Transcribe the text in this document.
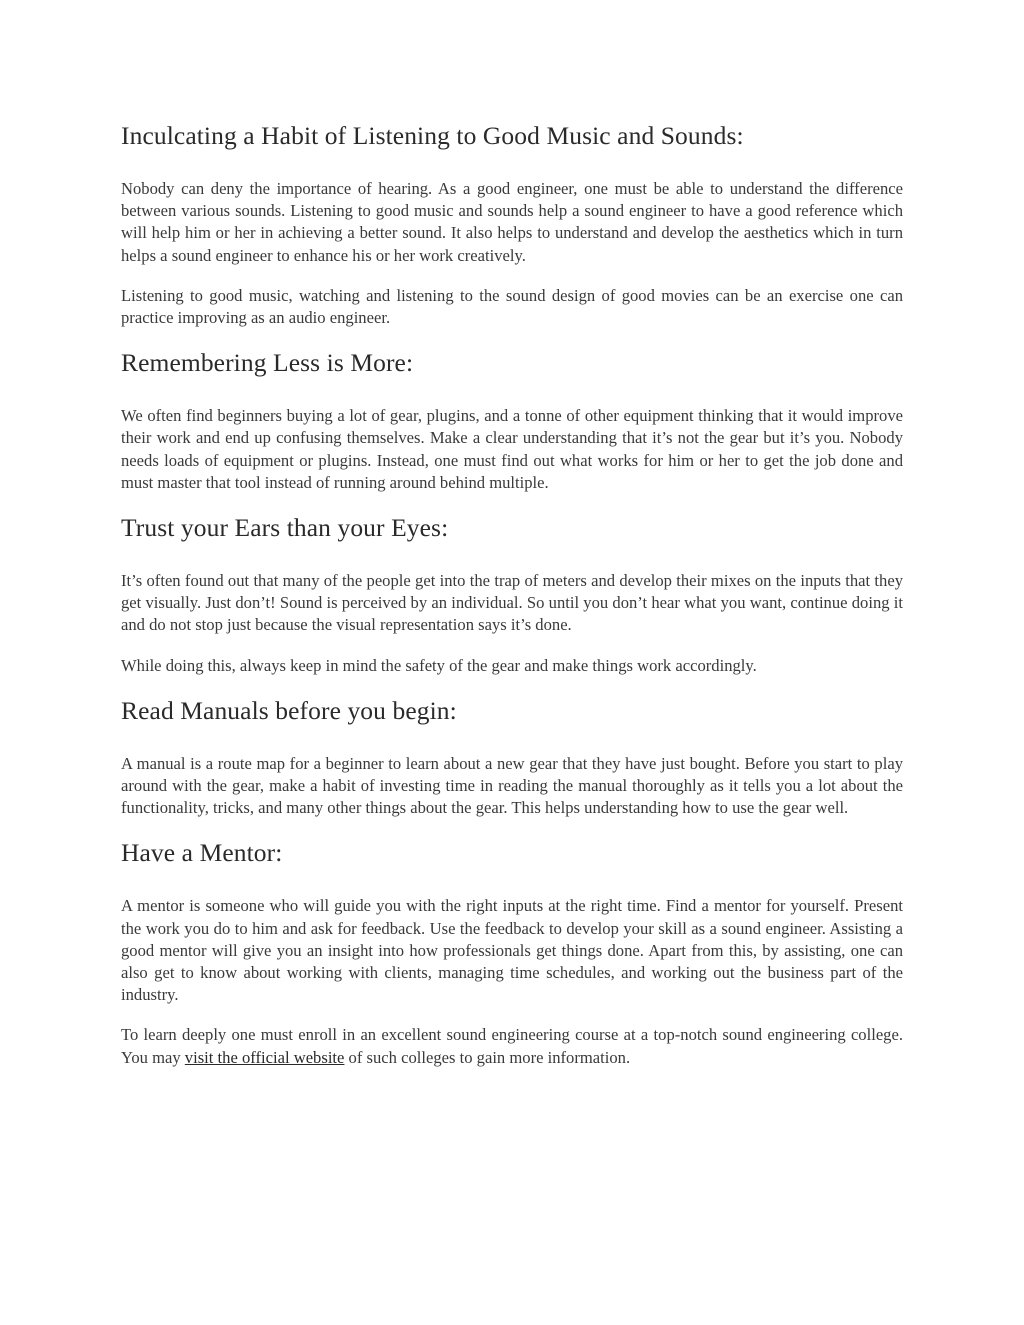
Inculcating a Habit of Listening to Good Music and Sounds:

Nobody can deny the importance of hearing. As a good engineer, one must be able to understand the difference between various sounds. Listening to good music and sounds help a sound engineer to have a good reference which will help him or her in achieving a better sound. It also helps to understand and develop the aesthetics which in turn helps a sound engineer to enhance his or her work creatively.

Listening to good music, watching and listening to the sound design of good movies can be an exercise one can practice improving as an audio engineer.

Remembering Less is More:

We often find beginners buying a lot of gear, plugins, and a tonne of other equipment thinking that it would improve their work and end up confusing themselves. Make a clear understanding that it’s not the gear but it’s you. Nobody needs loads of equipment or plugins. Instead, one must find out what works for him or her to get the job done and must master that tool instead of running around behind multiple.

Trust your Ears than your Eyes:

It’s often found out that many of the people get into the trap of meters and develop their mixes on the inputs that they get visually. Just don’t! Sound is perceived by an individual. So until you don’t hear what you want, continue doing it and do not stop just because the visual representation says it’s done.

While doing this, always keep in mind the safety of the gear and make things work accordingly.

Read Manuals before you begin:

A manual is a route map for a beginner to learn about a new gear that they have just bought. Before you start to play around with the gear, make a habit of investing time in reading the manual thoroughly as it tells you a lot about the functionality, tricks, and many other things about the gear. This helps understanding how to use the gear well.

Have a Mentor:

A mentor is someone who will guide you with the right inputs at the right time. Find a mentor for yourself. Present the work you do to him and ask for feedback. Use the feedback to develop your skill as a sound engineer. Assisting a good mentor will give you an insight into how professionals get things done. Apart from this, by assisting, one can also get to know about working with clients, managing time schedules, and working out the business part of the industry.

To learn deeply one must enroll in an excellent sound engineering course at a top-notch sound engineering college. You may visit the official website of such colleges to gain more information.
